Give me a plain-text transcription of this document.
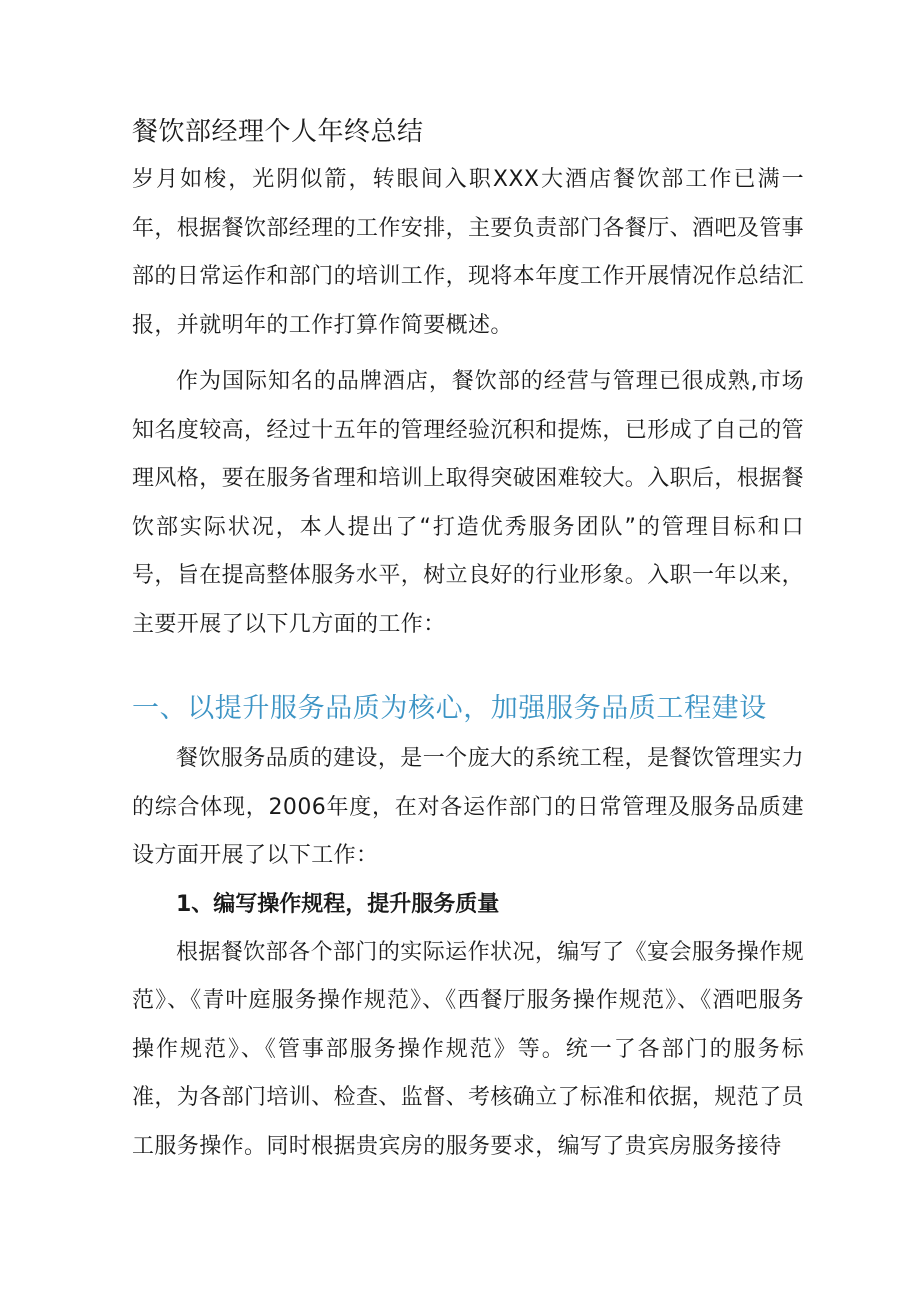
餐饮部经理个人年终总结

岁月如梭，光阴似箭，转眼间入职XXX大酒店餐饮部工作已满一年，根据餐饮部经理的工作安排，主要负责部门各餐厅、酒吧及管事部的日常运作和部门的培训工作，现将本年度工作开展情况作总结汇报，并就明年的工作打算作简要概述。

作为国际知名的品牌酒店，餐饮部的经营与管理已很成熟,市场知名度较高，经过十五年的管理经验沉积和提炼，已形成了自己的管理风格，要在服务省理和培训上取得突破困难较大。入职后，根据餐饮部实际状况，本人提出了“打造优秀服务团队”的管理目标和口号，旨在提高整体服务水平，树立良好的行业形象。入职一年以来，主要开展了以下几方面的工作：

一、以提升服务品质为核心，加强服务品质工程建设

餐饮服务品质的建设，是一个庞大的系统工程，是餐饮管理实力的综合体现，2006年度，在对各运作部门的日常管理及服务品质建设方面开展了以下工作：

1、编写操作规程，提升服务质量

根据餐饮部各个部门的实际运作状况，编写了《宴会服务操作规范》、《青叶庭服务操作规范》、《西餐厅服务操作规范》、《酒吧服务操作规范》、《管事部服务操作规范》等。统一了各部门的服务标准，为各部门培训、检查、监督、考核确立了标准和依据，规范了员工服务操作。同时根据贵宾房的服务要求，编写了贵宾房服务接待
